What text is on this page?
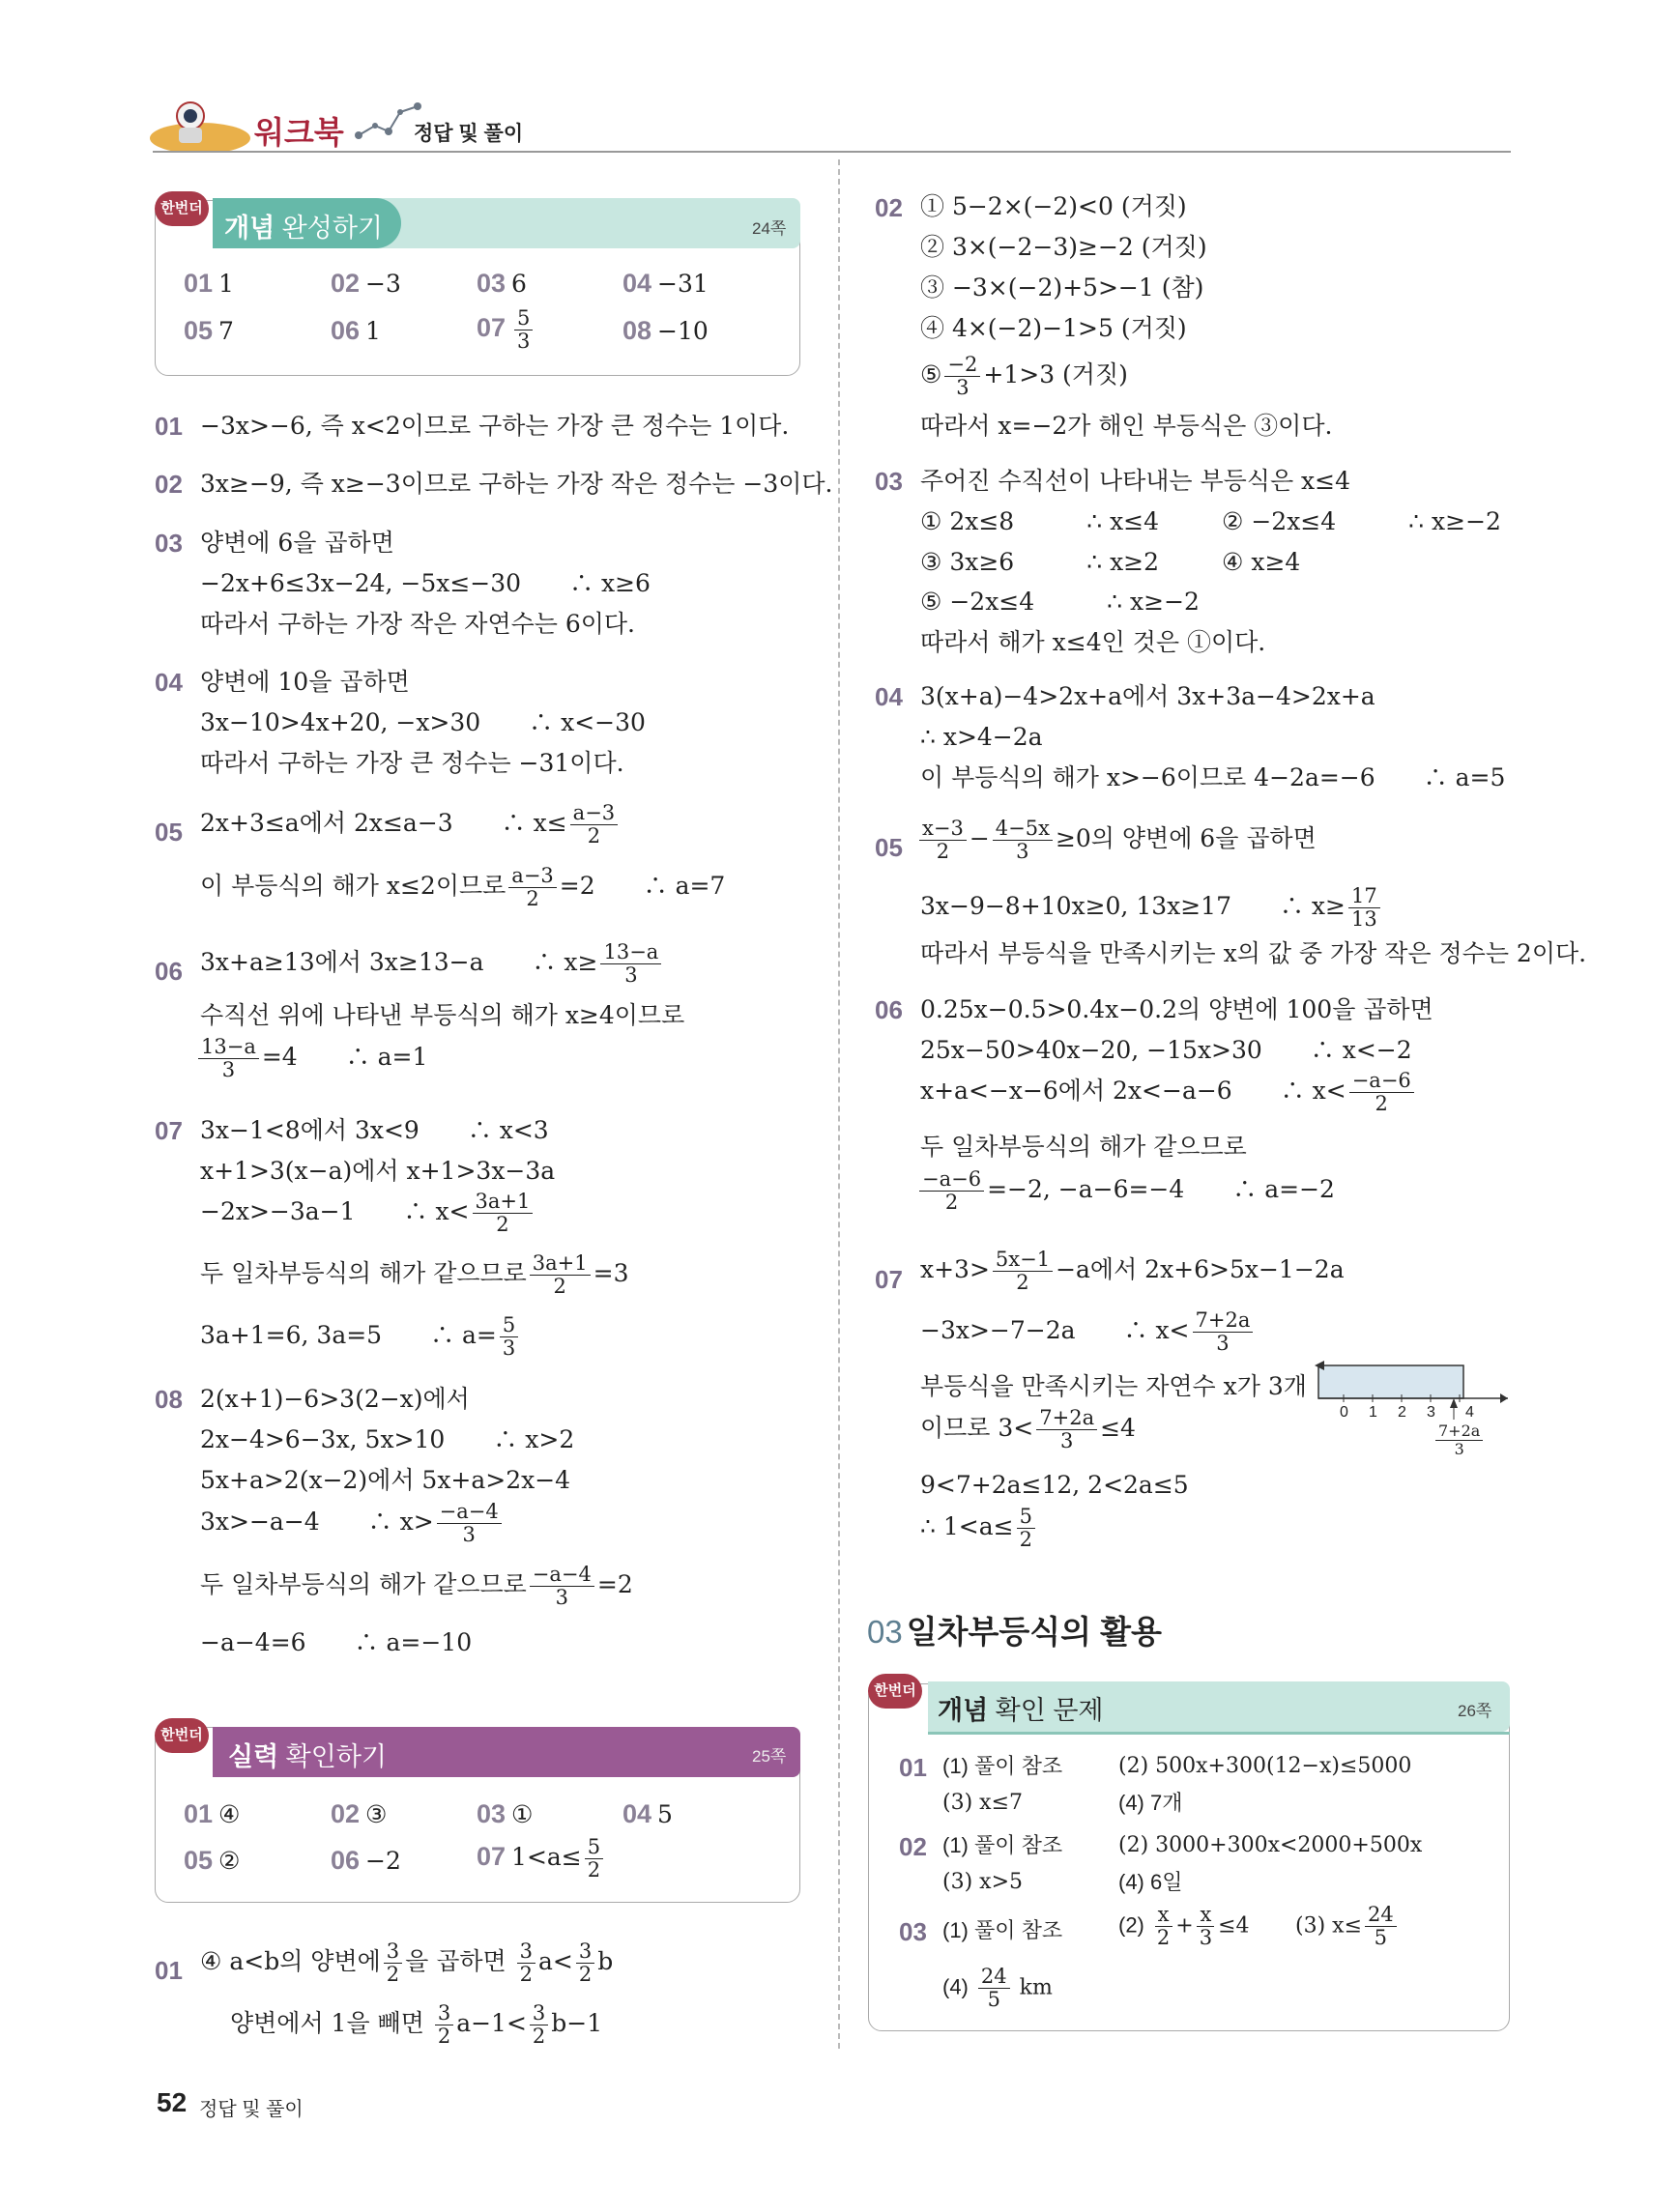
워크북	정답 및 풀이
한번더
개념 완성하기	24쪽
01 1	02 −3	03 6	04 −31
05 7	06 1	$07 \frac{5}{3}$	08 −10
01 −3x>−6, 즉 x<2이므로 구하는 가장 큰 정수는 1이다.
02 3x≥−9, 즉 x≥−3이므로 구하는 가장 작은 정수는 −3이다.
03 양변에 6을 곱하면
−2x+6≤3x−24, −5x≤−30　　∴ x≥6
따라서 구하는 가장 작은 자연수는 6이다.
04 양변에 10을 곱하면
3x−10>4x+20, −x>30　　∴ x<−30
따라서 구하는 가장 큰 정수는 −31이다.
05 2x+3≤a에서 2x≤a−3　　∴ $x\le \frac{a-3}{2}$
이 부등식의 해가 x≤2이므로 $\frac{a-3}{2} =2$　　∴ a=7
06 3x+a≥13에서 3x≥13−a　　∴ $x\ge \frac{13-a}{3}$
수직선 위에 나타낸 부등식의 해가 x≥4이므로
$\frac{13-a}{3} =4$　　∴ a=1
07 3x−1<8에서 3x<9　　∴ x<3
x+1>3(x−a)에서 x+1>3x−3a
−2x>−3a−1　　∴ $x< \frac{3a+1}{2}$
두 일차부등식의 해가 같으므로 $\frac{3a+1}{2} =3$
3a+1=6, 3a=5　　∴ $a= \frac{5}{3}$
08 2(x+1)−6>3(2−x)에서
2x−4>6−3x, 5x>10　　∴ x>2
5x+a>2(x−2)에서 5x+a>2x−4
3x>−a−4　　∴ $x> \frac{-a-4}{3}$
두 일차부등식의 해가 같으므로 $\frac{-a-4}{3} =2$
−a−4=6　　∴ a=−10
한번더
실력 확인하기	25쪽
01 ④	02 ③	03 ①	04 5
05 ②	06 −2	07 $1<a\le \frac{5}{2}$
01 ④ a<b의 양변에 $\frac{3}{2}$ 을 곱하면 $\frac{3}{2} a< \frac{3}{2}$ b
양변에서 1을 빼면 $\frac{3}{2} a-1< \frac{3}{2} b-1$
52 정답 및 풀이
02 ① 5−2×(−2)<0 (거짓)
② 3×(−2−3)≥−2 (거짓)
③ −3×(−2)+5>−1 (참)
④ 4×(−2)−1>5 (거짓)
⑤ $\frac{-2}{3} +1>3$ (거짓)
따라서 x=−2가 해인 부등식은 ③이다.
03 주어진 수직선이 나타내는 부등식은 x≤4
① 2x≤8　　　∴ x≤4	② −2x≤4　　　∴ x≥−2
③ 3x≥6　　　∴ x≥2	④ x≥4
⑤ −2x≤4　　　∴ x≥−2
따라서 해가 x≤4인 것은 ①이다.
04 3(x+a)−4>2x+a에서 3x+3a−4>2x+a
∴ x>4−2a
이 부등식의 해가 x>−6이므로 4−2a=−6　　∴ a=5
$05 \frac{x-3}{2} - \frac{4-5x}{3} \ge 0$의 양변에 6을 곱하면
3x−9−8+10x≥0, 13x≥17　　∴ $x\ge \frac{17}{13}$
따라서 부등식을 만족시키는 x의 값 중 가장 작은 정수는 2이다.
06 0.25x−0.5>0.4x−0.2의 양변에 100을 곱하면
25x−50>40x−20, −15x>30　　∴ x<−2
x+a<−x−6에서 2x<−a−6　　∴ $x< \frac{-a-6}{2}$
두 일차부등식의 해가 같으므로
$\frac{-a-6}{2} =-2$, −a−6=−4　　∴ a=−2
07 $x+3> \frac{5x-1}{2} -a$에서 2x+6>5x−1−2a
−3x>−7−2a　　∴ $x< \frac{7+2a}{3}$
부등식을 만족시키는 자연수 x가 3개
이므로 $3< \frac{7+2a}{3} \le 4$
9<7+2a≤12, 2<2a≤5
∴ $1<a\le \frac{5}{2}$
0 1 2 3 4
$\frac{7+2a}{3}$
03 일차부등식의 활용
한번더
개념 확인 문제	26쪽
01 (1) 풀이 참조	(2) 500x+300(12−x)≤5000
(3) x≤7	(4) 7개
02 (1) 풀이 참조	(2) 3000+300x<2000+500x
(3) x>5	(4) 6일
03 (1) 풀이 참조	$(2) \frac{x}{2} + \frac{x}{3} \le 4$ (3) $x\le \frac{24}{5}$
$(4) \frac{24}{5}$ km
